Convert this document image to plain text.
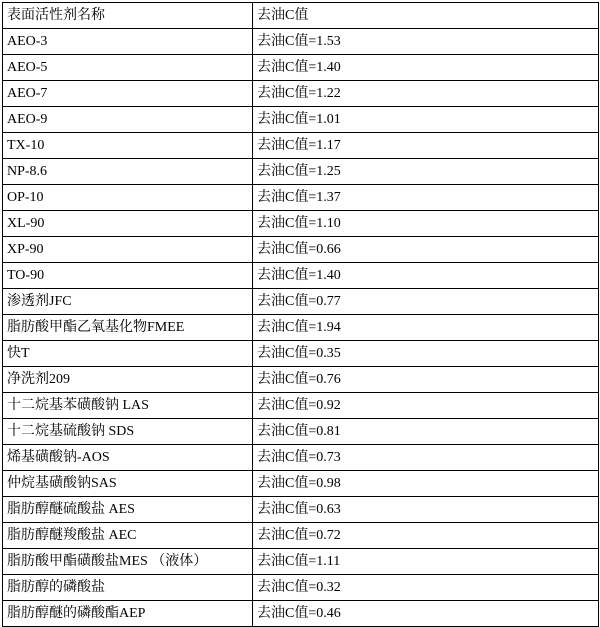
表面活性剂名称	去油C值
AEO-3	去油C值=1.53
AEO-5	去油C值=1.40
AEO-7	去油C值=1.22
AEO-9	去油C值=1.01
TX-10	去油C值=1.17
NP-8.6	去油C值=1.25
OP-10	去油C值=1.37
XL-90	去油C值=1.10
XP-90	去油C值=0.66
TO-90	去油C值=1.40
渗透剂JFC	去油C值=0.77
脂肪酸甲酯乙氧基化物FMEE	去油C值=1.94
快T	去油C值=0.35
净洗剂209	去油C值=0.76
十二烷基苯磺酸钠 LAS	去油C值=0.92
十二烷基硫酸钠 SDS	去油C值=0.81
烯基磺酸钠-AOS	去油C值=0.73
仲烷基磺酸钠SAS	去油C值=0.98
脂肪醇醚硫酸盐 AES	去油C值=0.63
脂肪醇醚羧酸盐 AEC	去油C值=0.72
脂肪酸甲酯磺酸盐MES （液体）	去油C值=1.11
脂肪醇的磷酸盐	去油C值=0.32
脂肪醇醚的磷酸酯AEP	去油C值=0.46
